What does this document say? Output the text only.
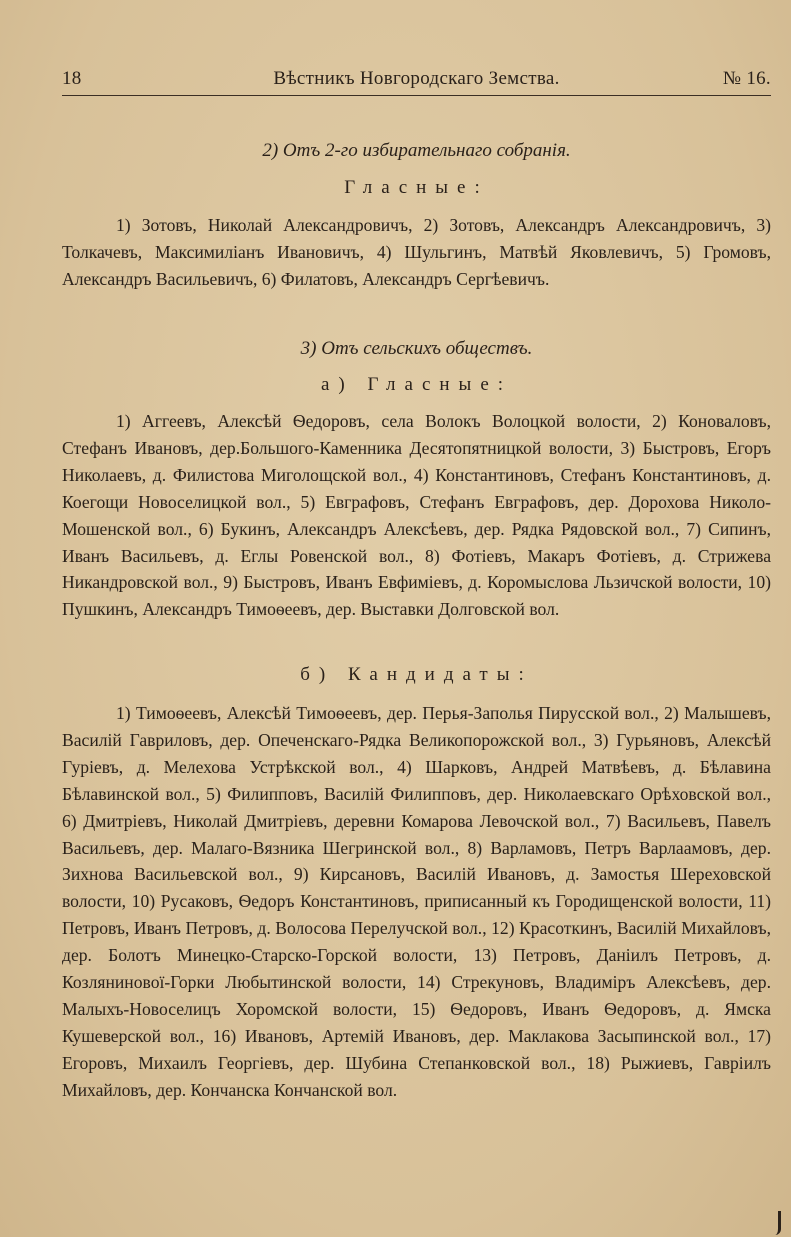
18	Вѣстникъ Новгородскаго Земства.	№ 16.
2) Отъ 2-го избирательнаго собранія.
Гласные:

1) Зотовъ, Николай Александровичъ, 2) Зотовъ, Александръ Александровичъ, 3) Толкачевъ, Максимиліанъ Ивановичъ, 4) Шульгинъ, Матвѣй Яковлевичъ, 5) Громовъ, Александръ Васильевичъ, 6) Филатовъ, Александръ Сергѣевичъ.

3) Отъ сельскихъ обществъ.
а) Гласные:

1) Аггеевъ, Алексѣй Ѳедоровъ, села Волокъ Волоцкой волости, 2) Коноваловъ, Стефанъ Ивановъ, дер.Большого-Каменника Десятопятницкой волости, 3) Быстровъ, Егоръ Николаевъ, д. Филистова Миголощской вол., 4) Константиновъ, Стефанъ Константиновъ, д. Коегощи Новоселицкой вол., 5) Евграфовъ, Стефанъ Евграфовъ, дер. Дорохова Николо-Мошенской вол., 6) Букинъ, Александръ Алексѣевъ, дер. Рядка Рядовской вол., 7) Сипинъ, Иванъ Васильевъ, д. Еглы Ровенской вол., 8) Фотіевъ, Макаръ Фотіевъ, д. Стрижева Никандровской вол., 9) Быстровъ, Иванъ Евфиміевъ, д. Коромыслова Льзичской волости, 10) Пушкинъ, Александръ Тимоѳеевъ, дер. Выставки Долговской вол.

б) Кандидаты:

1) Тимоѳеевъ, Алексѣй Тимоѳеевъ, дер. Перья-Заполья Пирусской вол., 2) Малышевъ, Василій Гавриловъ, дер. Опеченскаго-Рядка Великопорожской вол., 3) Гурьяновъ, Алексѣй Гуріевъ, д. Мелехова Устрѣкской вол., 4) Шарковъ, Андрей Матвѣевъ, д. Бѣлавина Бѣлавинской вол., 5) Филипповъ, Василій Филипповъ, дер. Николаевскаго Орѣховской вол., 6) Дмитріевъ, Николай Дмитріевъ, деревни Комарова Левочской вол., 7) Васильевъ, Павелъ Васильевъ, дер. Малаго-Вязника Шегринской вол., 8) Варламовъ, Петръ Варлаамовъ, дер. Зихнова Васильевской вол., 9) Кирсановъ, Василій Ивановъ, д. Замостья Шереховской волости, 10) Русаковъ, Ѳедоръ Константиновъ, приписанный къ Городищенской волости, 11) Петровъ, Иванъ Петровъ, д. Волосова Перелучской вол., 12) Красоткинъ, Василій Михайловъ, дер. Болотъ Минецко-Старско-Горской волости, 13) Петровъ, Даніилъ Петровъ, д. Козлянинової-Горки Любытинской волости, 14) Стрекуновъ, Владиміръ Алексѣевъ, дер. Малыхъ-Новоселицъ Хоромской волости, 15) Ѳедоровъ, Иванъ Ѳедоровъ, д. Ямска Кушеверской вол., 16) Ивановъ, Артемій Ивановъ, дер. Маклакова Засыпинской вол., 17) Егоровъ, Михаилъ Георгіевъ, дер. Шубина Степанковской вол., 18) Рыжиевъ, Гавріилъ Михайловъ, дер. Кончанска Кончанской вол.
